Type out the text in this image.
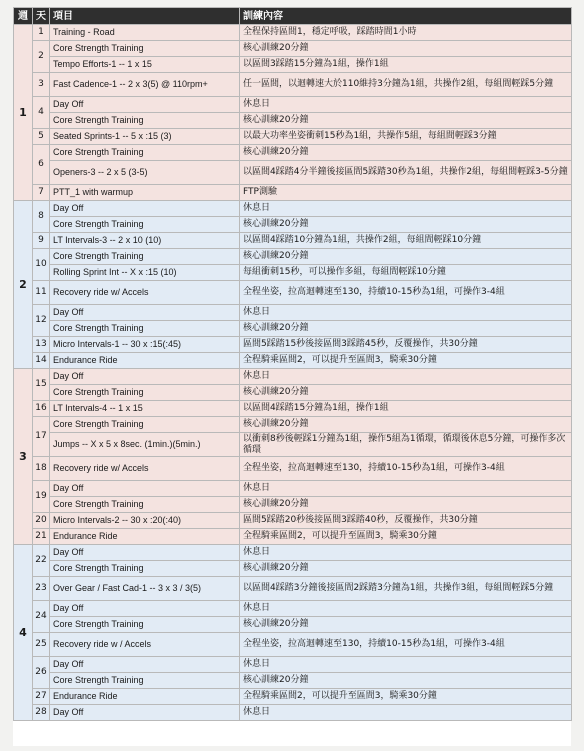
週	天	項目	訓練內容
1	1	Training - Road	全程保持區間1，穩定呼吸，踩踏時間1小時
	2	Core Strength Training	核心訓練20分鐘
		Tempo Efforts-1 -- 1 x 15	以區間3踩踏15分鐘為1組，操作1組
	3	Fast Cadence-1 -- 2 x 3(5) @ 110rpm+	任一區間，以迴轉速大於110維持3分鐘為1組，共操作2組，每組間輕踩5分鐘
	4	Day Off	休息日
		Core Strength Training	核心訓練20分鐘
	5	Seated Sprints-1 -- 5 x :15 (3)	以最大功率坐姿衝刺15秒為1組，共操作5組，每組間輕踩3分鐘
	6	Core Strength Training	核心訓練20分鐘
		Openers-3 -- 2 x 5 (3-5)	以區間4踩踏4分半鐘後接區間5踩踏30秒為1組，共操作2組，每組間輕踩3-5分鐘
	7	PTT_1 with warmup	FTP測驗
2	8	Day Off	休息日
		Core Strength Training	核心訓練20分鐘
	9	LT Intervals-3 -- 2 x 10 (10)	以區間4踩踏10分鐘為1組，共操作2組，每組間輕踩10分鐘
	10	Core Strength Training	核心訓練20分鐘
		Rolling Sprint Int -- X x :15 (10)	每組衝刺15秒，可以操作多組，每組間輕踩10分鐘
	11	Recovery ride w/ Accels	全程坐姿，拉高迴轉速至130，持續10-15秒為1組，可操作3-4組
	12	Day Off	休息日
		Core Strength Training	核心訓練20分鐘
	13	Micro Intervals-1 -- 30 x :15(:45)	區間5踩踏15秒後接區間3踩踏45秒，反覆操作，共30分鐘
	14	Endurance Ride	全程騎乘區間2，可以提升至區間3，騎乘30分鐘
3	15	Day Off	休息日
		Core Strength Training	核心訓練20分鐘
	16	LT Intervals-4 -- 1 x 15	以區間4踩踏15分鐘為1組，操作1組
	17	Core Strength Training	核心訓練20分鐘
		Jumps -- X x 5 x 8sec. (1min.)(5min.)	以衝刺8秒後輕踩1分鐘為1組，操作5組為1循環，循環後休息5分鐘，可操作多次循環
	18	Recovery ride w/ Accels	全程坐姿，拉高迴轉速至130，持續10-15秒為1組，可操作3-4組
	19	Day Off	休息日
		Core Strength Training	核心訓練20分鐘
	20	Micro Intervals-2 -- 30 x :20(:40)	區間5踩踏20秒後接區間3踩踏40秒，反覆操作，共30分鐘
	21	Endurance Ride	全程騎乘區間2，可以提升至區間3，騎乘30分鐘
4	22	Day Off	休息日
		Core Strength Training	核心訓練20分鐘
	23	Over Gear / Fast Cad-1 -- 3 x 3 / 3(5)	以區間4踩踏3分鐘後接區間2踩踏3分鐘為1組，共操作3組，每組間輕踩5分鐘
	24	Day Off	休息日
		Core Strength Training	核心訓練20分鐘
	25	Recovery ride w / Accels	全程坐姿，拉高迴轉速至130，持續10-15秒為1組，可操作3-4組
	26	Day Off	休息日
		Core Strength Training	核心訓練20分鐘
	27	Endurance Ride	全程騎乘區間2，可以提升至區間3，騎乘30分鐘
	28	Day Off	休息日
